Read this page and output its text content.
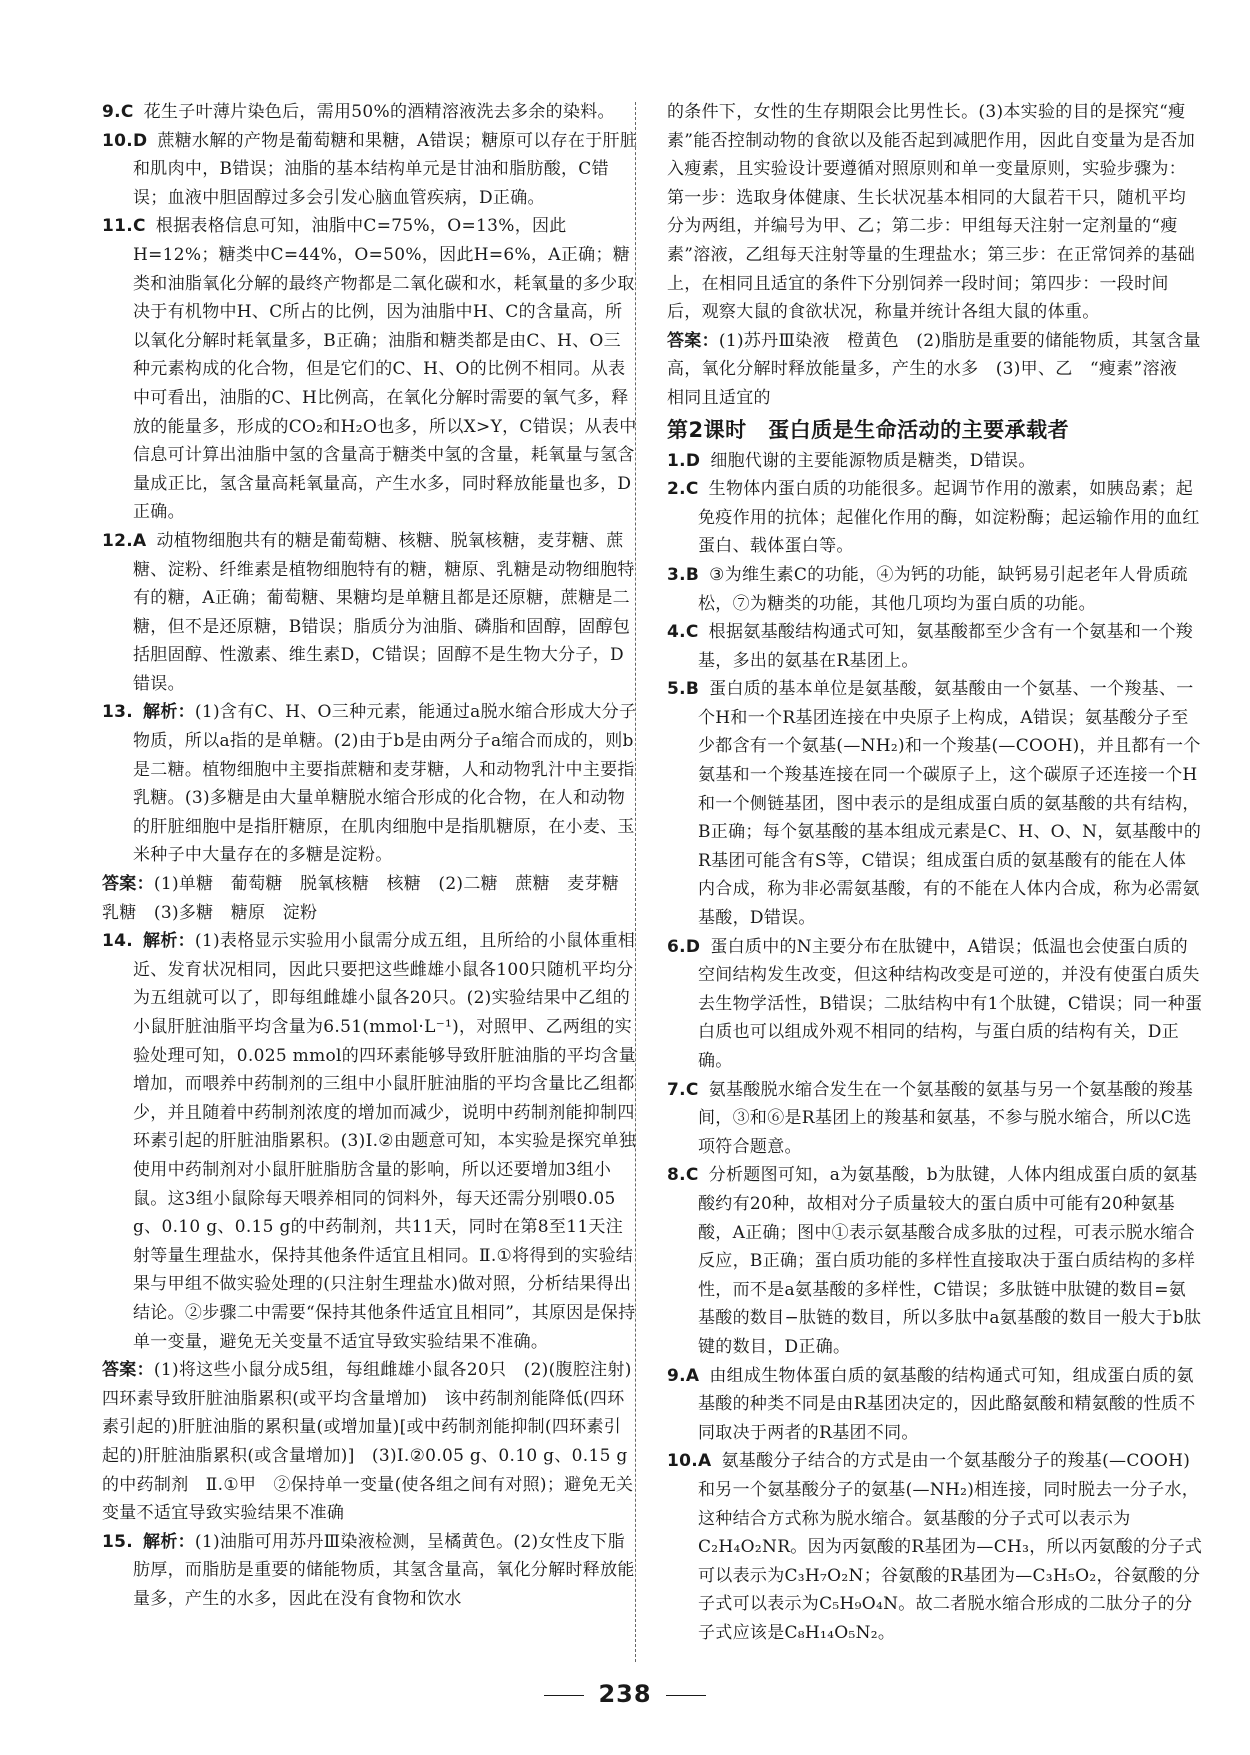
9.C 花生子叶薄片染色后，需用50%的酒精溶液洗去多余的染料。

10.D 蔗糖水解的产物是葡萄糖和果糖，A错误；糖原可以存在于肝脏和肌肉中，B错误；油脂的基本结构单元是甘油和脂肪酸，C错误；血液中胆固醇过多会引发心脑血管疾病，D正确。

11.C 根据表格信息可知，油脂中C=75%，O=13%，因此H=12%；糖类中C=44%，O=50%，因此H=6%，A正确；糖类和油脂氧化分解的最终产物都是二氧化碳和水，耗氧量的多少取决于有机物中H、C所占的比例，因为油脂中H、C的含量高，所以氧化分解时耗氧量多，B正确；油脂和糖类都是由C、H、O三种元素构成的化合物，但是它们的C、H、O的比例不相同。从表中可看出，油脂的C、H比例高，在氧化分解时需要的氧气多，释放的能量多，形成的CO₂和H₂O也多，所以X>Y，C错误；从表中信息可计算出油脂中氢的含量高于糖类中氢的含量，耗氧量与氢含量成正比，氢含量高耗氧量高，产生水多，同时释放能量也多，D正确。

12.A 动植物细胞共有的糖是葡萄糖、核糖、脱氧核糖，麦芽糖、蔗糖、淀粉、纤维素是植物细胞特有的糖，糖原、乳糖是动物细胞特有的糖，A正确；葡萄糖、果糖均是单糖且都是还原糖，蔗糖是二糖，但不是还原糖，B错误；脂质分为油脂、磷脂和固醇，固醇包括胆固醇、性激素、维生素D，C错误；固醇不是生物大分子，D错误。

13. 解析：(1)含有C、H、O三种元素，能通过a脱水缩合形成大分子物质，所以a指的是单糖。(2)由于b是由两分子a缩合而成的，则b是二糖。植物细胞中主要指蔗糖和麦芽糖，人和动物乳汁中主要指乳糖。(3)多糖是由大量单糖脱水缩合形成的化合物，在人和动物的肝脏细胞中是指肝糖原，在肌肉细胞中是指肌糖原，在小麦、玉米种子中大量存在的多糖是淀粉。

答案：(1)单糖　葡萄糖　脱氧核糖　核糖　(2)二糖　蔗糖　麦芽糖　乳糖　(3)多糖　糖原　淀粉

14. 解析：(1)表格显示实验用小鼠需分成五组，且所给的小鼠体重相近、发育状况相同，因此只要把这些雌雄小鼠各100只随机平均分为五组就可以了，即每组雌雄小鼠各20只。(2)实验结果中乙组的小鼠肝脏油脂平均含量为6.51(mmol·L⁻¹)，对照甲、乙两组的实验处理可知，0.025 mmol的四环素能够导致肝脏油脂的平均含量增加，而喂养中药制剂的三组中小鼠肝脏油脂的平均含量比乙组都少，并且随着中药制剂浓度的增加而减少，说明中药制剂能抑制四环素引起的肝脏油脂累积。(3)Ⅰ.②由题意可知，本实验是探究单独使用中药制剂对小鼠肝脏脂肪含量的影响，所以还要增加3组小鼠。这3组小鼠除每天喂养相同的饲料外，每天还需分别喂0.05 g、0.10 g、0.15 g的中药制剂，共11天，同时在第8至11天注射等量生理盐水，保持其他条件适宜且相同。Ⅱ.①将得到的实验结果与甲组不做实验处理的(只注射生理盐水)做对照，分析结果得出结论。②步骤二中需要“保持其他条件适宜且相同”，其原因是保持单一变量，避免无关变量不适宜导致实验结果不准确。

答案：(1)将这些小鼠分成5组，每组雌雄小鼠各20只　(2)(腹腔注射)四环素导致肝脏油脂累积(或平均含量增加)　该中药制剂能降低(四环素引起的)肝脏油脂的累积量(或增加量)[或中药制剂能抑制(四环素引起的)肝脏油脂累积(或含量增加)]　(3)Ⅰ.②0.05 g、0.10 g、0.15 g的中药制剂　Ⅱ.①甲　②保持单一变量(使各组之间有对照)；避免无关变量不适宜导致实验结果不准确

15. 解析：(1)油脂可用苏丹Ⅲ染液检测，呈橘黄色。(2)女性皮下脂肪厚，而脂肪是重要的储能物质，其氢含量高，氧化分解时释放能量多，产生的水多，因此在没有食物和饮水

的条件下，女性的生存期限会比男性长。(3)本实验的目的是探究“瘦素”能否控制动物的食欲以及能否起到减肥作用，因此自变量为是否加入瘦素，且实验设计要遵循对照原则和单一变量原则，实验步骤为：第一步：选取身体健康、生长状况基本相同的大鼠若干只，随机平均分为两组，并编号为甲、乙；第二步：甲组每天注射一定剂量的“瘦素”溶液，乙组每天注射等量的生理盐水；第三步：在正常饲养的基础上，在相同且适宜的条件下分别饲养一段时间；第四步：一段时间后，观察大鼠的食欲状况，称量并统计各组大鼠的体重。

答案：(1)苏丹Ⅲ染液　橙黄色　(2)脂肪是重要的储能物质，其氢含量高，氧化分解时释放能量多，产生的水多　(3)甲、乙　“瘦素”溶液　相同且适宜的

第2课时　蛋白质是生命活动的主要承载者

1.D 细胞代谢的主要能源物质是糖类，D错误。

2.C 生物体内蛋白质的功能很多。起调节作用的激素，如胰岛素；起免疫作用的抗体；起催化作用的酶，如淀粉酶；起运输作用的血红蛋白、载体蛋白等。

3.B ③为维生素C的功能，④为钙的功能，缺钙易引起老年人骨质疏松，⑦为糖类的功能，其他几项均为蛋白质的功能。

4.C 根据氨基酸结构通式可知，氨基酸都至少含有一个氨基和一个羧基，多出的氨基在R基团上。

5.B 蛋白质的基本单位是氨基酸，氨基酸由一个氨基、一个羧基、一个H和一个R基团连接在中央原子上构成，A错误；氨基酸分子至少都含有一个氨基(—NH₂)和一个羧基(—COOH)，并且都有一个氨基和一个羧基连接在同一个碳原子上，这个碳原子还连接一个H和一个侧链基团，图中表示的是组成蛋白质的氨基酸的共有结构，B正确；每个氨基酸的基本组成元素是C、H、O、N，氨基酸中的R基团可能含有S等，C错误；组成蛋白质的氨基酸有的能在人体内合成，称为非必需氨基酸，有的不能在人体内合成，称为必需氨基酸，D错误。

6.D 蛋白质中的N主要分布在肽键中，A错误；低温也会使蛋白质的空间结构发生改变，但这种结构改变是可逆的，并没有使蛋白质失去生物学活性，B错误；二肽结构中有1个肽键，C错误；同一种蛋白质也可以组成外观不相同的结构，与蛋白质的结构有关，D正确。

7.C 氨基酸脱水缩合发生在一个氨基酸的氨基与另一个氨基酸的羧基间，③和⑥是R基团上的羧基和氨基，不参与脱水缩合，所以C选项符合题意。

8.C 分析题图可知，a为氨基酸，b为肽键，人体内组成蛋白质的氨基酸约有20种，故相对分子质量较大的蛋白质中可能有20种氨基酸，A正确；图中①表示氨基酸合成多肽的过程，可表示脱水缩合反应，B正确；蛋白质功能的多样性直接取决于蛋白质结构的多样性，而不是a氨基酸的多样性，C错误；多肽链中肽键的数目=氨基酸的数目−肽链的数目，所以多肽中a氨基酸的数目一般大于b肽键的数目，D正确。

9.A 由组成生物体蛋白质的氨基酸的结构通式可知，组成蛋白质的氨基酸的种类不同是由R基团决定的，因此酪氨酸和精氨酸的性质不同取决于两者的R基团不同。

10.A 氨基酸分子结合的方式是由一个氨基酸分子的羧基(—COOH)和另一个氨基酸分子的氨基(—NH₂)相连接，同时脱去一分子水，这种结合方式称为脱水缩合。氨基酸的分子式可以表示为C₂H₄O₂NR。因为丙氨酸的R基团为—CH₃，所以丙氨酸的分子式可以表示为C₃H₇O₂N；谷氨酸的R基团为—C₃H₅O₂，谷氨酸的分子式可以表示为C₅H₉O₄N。故二者脱水缩合形成的二肽分子的分子式应该是C₈H₁₄O₅N₂。

238
